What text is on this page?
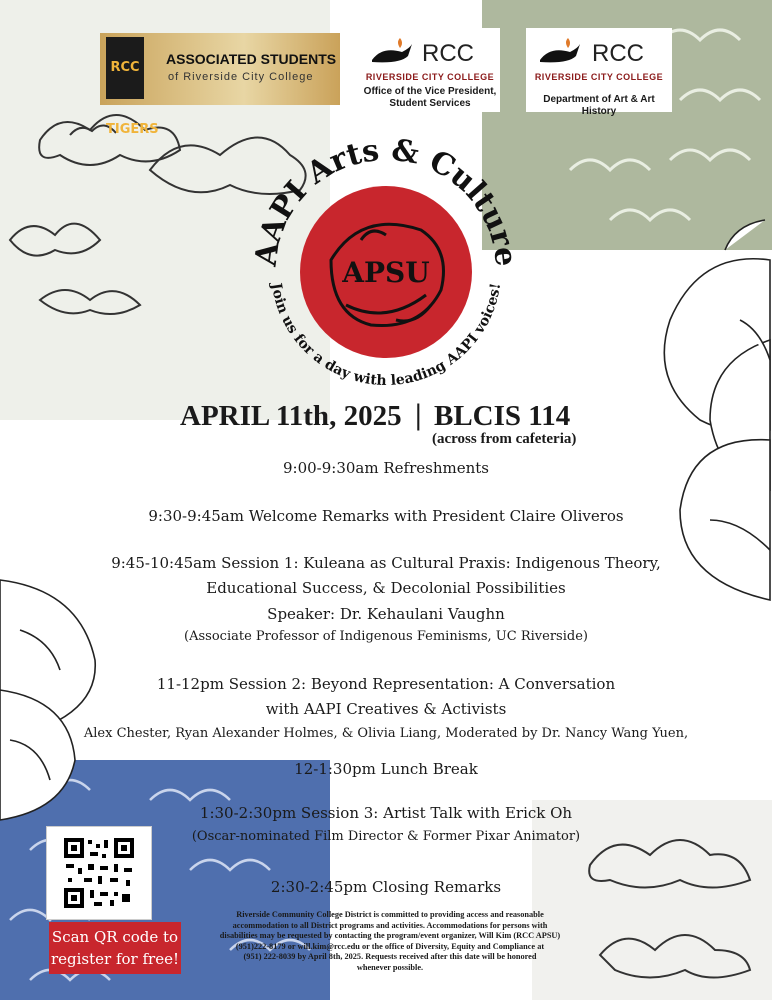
RCC TIGERS
ASSOCIATED STUDENTS
of Riverside City College
RCC
RIVERSIDE CITY COLLEGE
Office of the Vice President,
Student Services
RCC
RIVERSIDE CITY COLLEGE
Department of Art & Art History
AAPI Arts & Culture
APSU
Join us for a day with leading AAPI voices!
APRIL 11th, 2025 | BLCIS 114
(across from cafeteria)
9:00-9:30am Refreshments
9:30-9:45am Welcome Remarks with President Claire Oliveros
9:45-10:45am Session 1: Kuleana as Cultural Praxis: Indigenous Theory,
Educational Success, & Decolonial Possibilities
Speaker: Dr. Kehaulani Vaughn
(Associate Professor of Indigenous Feminisms, UC Riverside)
11-12pm Session 2: Beyond Representation: A Conversation
with AAPI Creatives & Activists
Alex Chester, Ryan Alexander Holmes, & Olivia Liang, Moderated by Dr. Nancy Wang Yuen,
12-1:30pm Lunch Break
1:30-2:30pm Session 3: Artist Talk with Erick Oh
(Oscar-nominated Film Director & Former Pixar Animator)
2:30-2:45pm Closing Remarks
Scan QR code to
register for free!
Riverside Community College District is committed to providing access and reasonable
accommodation to all District programs and activities. Accommodations for persons with
disabilities may be requested by contacting the program/event organizer, Will Kim (RCC APSU)
(951)222-8179 or will.kim@rcc.edu or the office of Diversity, Equity and Compliance at
(951) 222-8039 by April 8th, 2025. Requests received after this date will be honored
whenever possible.
